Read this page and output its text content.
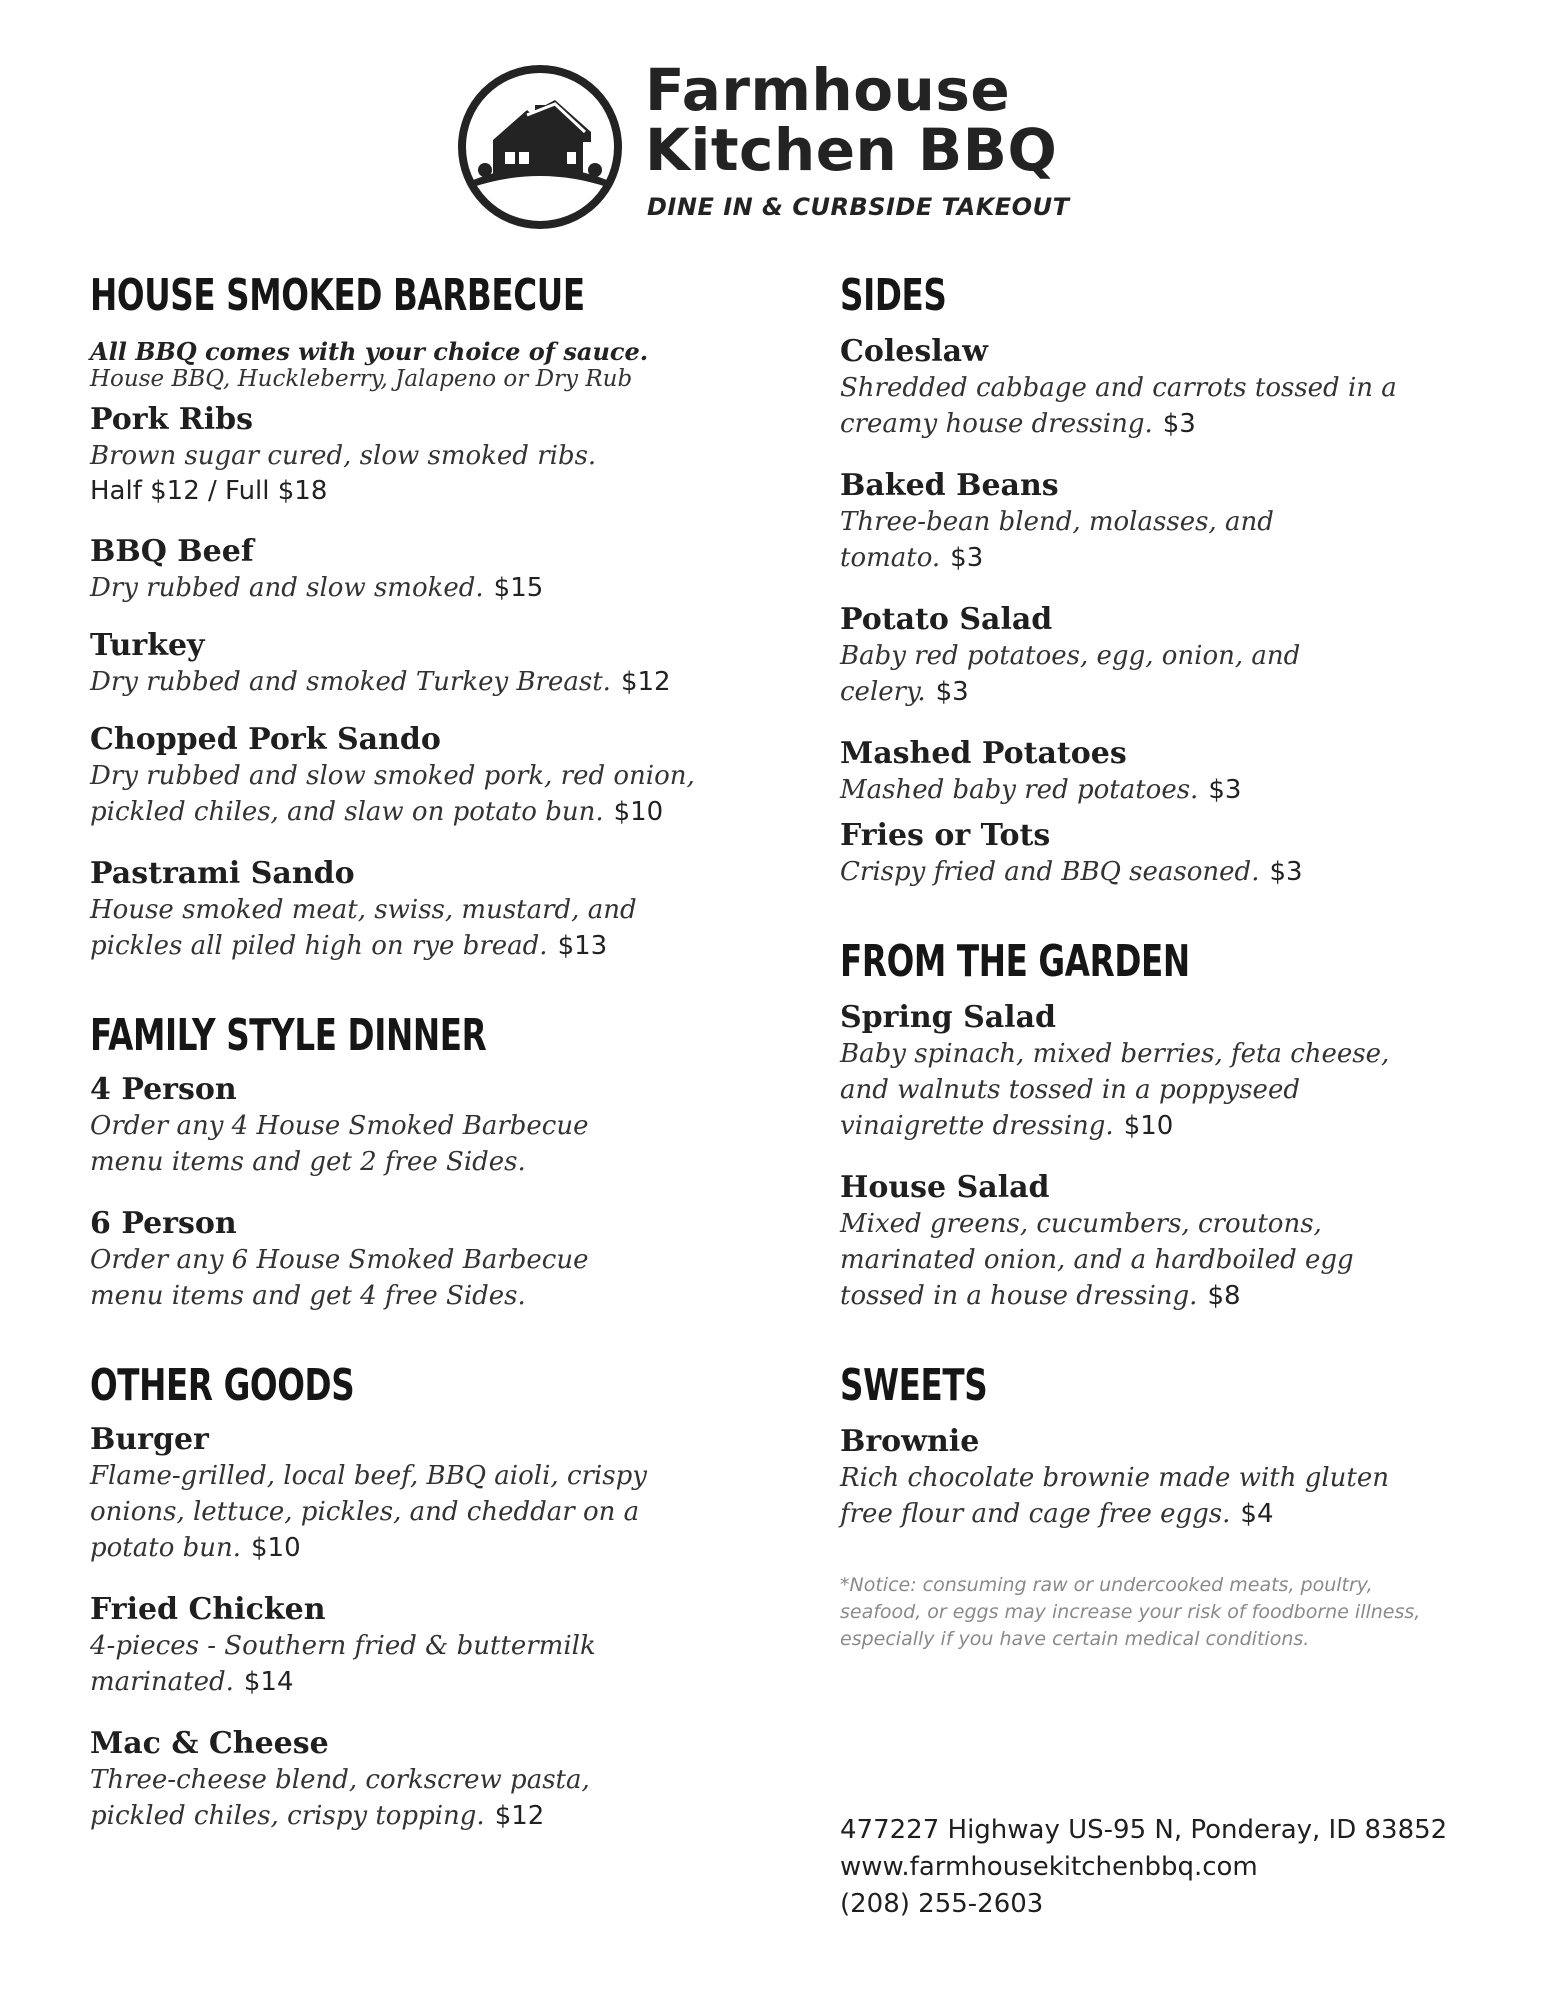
Farmhouse
Kitchen BBQ
DINE IN & CURBSIDE TAKEOUT
HOUSE SMOKED BARBECUE
All BBQ comes with your choice of sauce.
House BBQ, Huckleberry, Jalapeno or Dry Rub
Pork Ribs
Brown sugar cured, slow smoked ribs.
Half $12 / Full $18
BBQ Beef
Dry rubbed and slow smoked. $15
Turkey
Dry rubbed and smoked Turkey Breast. $12
Chopped Pork Sando
Dry rubbed and slow smoked pork, red onion, pickled chiles, and slaw on potato bun. $10
Pastrami Sando
House smoked meat, swiss, mustard, and pickles all piled high on rye bread. $13
FAMILY STYLE DINNER
4 Person
Order any 4 House Smoked Barbecue menu items and get 2 free Sides.
6 Person
Order any 6 House Smoked Barbecue menu items and get 4 free Sides.
OTHER GOODS
Burger
Flame-grilled, local beef, BBQ aioli, crispy onions, lettuce, pickles, and cheddar on a potato bun. $10
Fried Chicken
4-pieces - Southern fried & buttermilk marinated. $14
Mac & Cheese
Three-cheese blend, corkscrew pasta, pickled chiles, crispy topping. $12
SIDES
Coleslaw
Shredded cabbage and carrots tossed in a creamy house dressing. $3
Baked Beans
Three-bean blend, molasses, and tomato. $3
Potato Salad
Baby red potatoes, egg, onion, and celery. $3
Mashed Potatoes
Mashed baby red potatoes. $3
Fries or Tots
Crispy fried and BBQ seasoned. $3
FROM THE GARDEN
Spring Salad
Baby spinach, mixed berries, feta cheese, and walnuts tossed in a poppyseed vinaigrette dressing. $10
House Salad
Mixed greens, cucumbers, croutons, marinated onion, and a hardboiled egg tossed in a house dressing. $8
SWEETS
Brownie
Rich chocolate brownie made with gluten free flour and cage free eggs. $4
*Notice: consuming raw or undercooked meats, poultry, seafood, or eggs may increase your risk of foodborne illness, especially if you have certain medical conditions.
477227 Highway US-95 N, Ponderay, ID 83852
www.farmhousekitchenbbq.com
(208) 255-2603
